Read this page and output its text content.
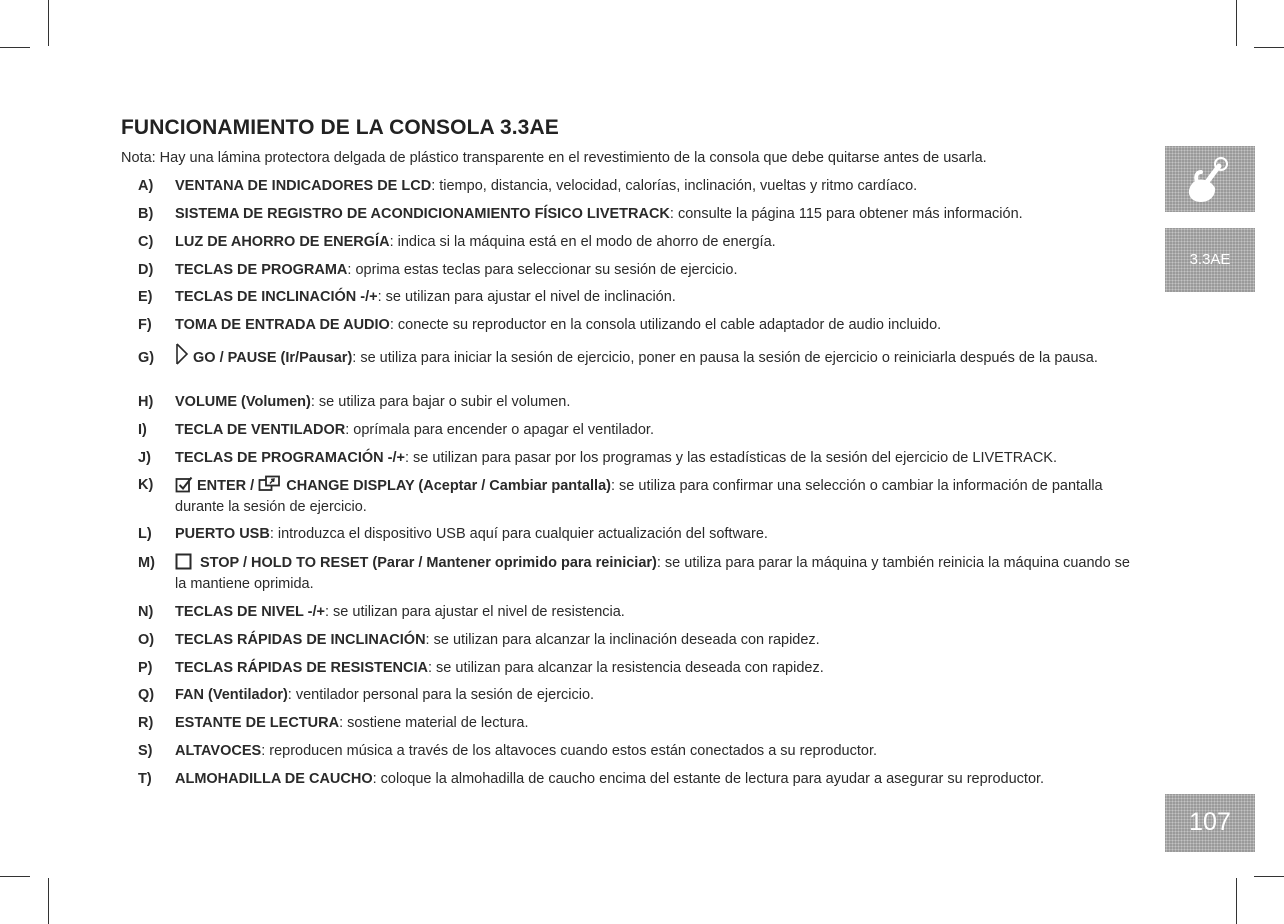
FUNCIONAMIENTO DE LA CONSOLA 3.3AE
Nota: Hay una lámina protectora delgada de plástico transparente en el revestimiento de la consola que debe quitarse antes de usarla.
A)	VENTANA DE INDICADORES DE LCD: tiempo, distancia, velocidad, calorías, inclinación, vueltas y ritmo cardíaco.
B)	SISTEMA DE REGISTRO DE ACONDICIONAMIENTO FÍSICO LIVETRACK: consulte la página 115 para obtener más información.
C)	LUZ DE AHORRO DE ENERGÍA: indica si la máquina está en el modo de ahorro de energía.
D)	TECLAS DE PROGRAMA: oprima estas teclas para seleccionar su sesión de ejercicio.
E)	TECLAS DE INCLINACIÓN -/+: se utilizan para ajustar el nivel de inclinación.
F)	TOMA DE ENTRADA DE AUDIO: conecte su reproductor en la consola utilizando el cable adaptador de audio incluido.
G)	GO / PAUSE (Ir/Pausar): se utiliza para iniciar la sesión de ejercicio, poner en pausa la sesión de ejercicio o reiniciarla después de la pausa.
H)	VOLUME (Volumen): se utiliza para bajar o subir el volumen.
I)	TECLA DE VENTILADOR: oprímala para encender o apagar el ventilador.
J)	TECLAS DE PROGRAMACIÓN -/+: se utilizan para pasar por los programas y las estadísticas de la sesión del ejercicio de LIVETRACK.
K)	ENTER / CHANGE DISPLAY (Aceptar / Cambiar pantalla): se utiliza para confirmar una selección o cambiar la información de pantalla durante la sesión de ejercicio.
L)	PUERTO USB: introduzca el dispositivo USB aquí para cualquier actualización del software.
M)	STOP / HOLD TO RESET (Parar / Mantener oprimido para reiniciar): se utiliza para parar la máquina y también reinicia la máquina cuando se la mantiene oprimida.
N)	TECLAS DE NIVEL -/+: se utilizan para ajustar el nivel de resistencia.
O)	TECLAS RÁPIDAS DE INCLINACIÓN: se utilizan para alcanzar la inclinación deseada con rapidez.
P)	TECLAS RÁPIDAS DE RESISTENCIA: se utilizan para alcanzar la resistencia deseada con rapidez.
Q)	FAN (Ventilador): ventilador personal para la sesión de ejercicio.
R)	ESTANTE DE LECTURA: sostiene material de lectura.
S)	ALTAVOCES: reproducen música a través de los altavoces cuando estos están conectados a su reproductor.
T)	ALMOHADILLA DE CAUCHO: coloque la almohadilla de caucho encima del estante de lectura para ayudar a asegurar su reproductor.
3.3AE
107
